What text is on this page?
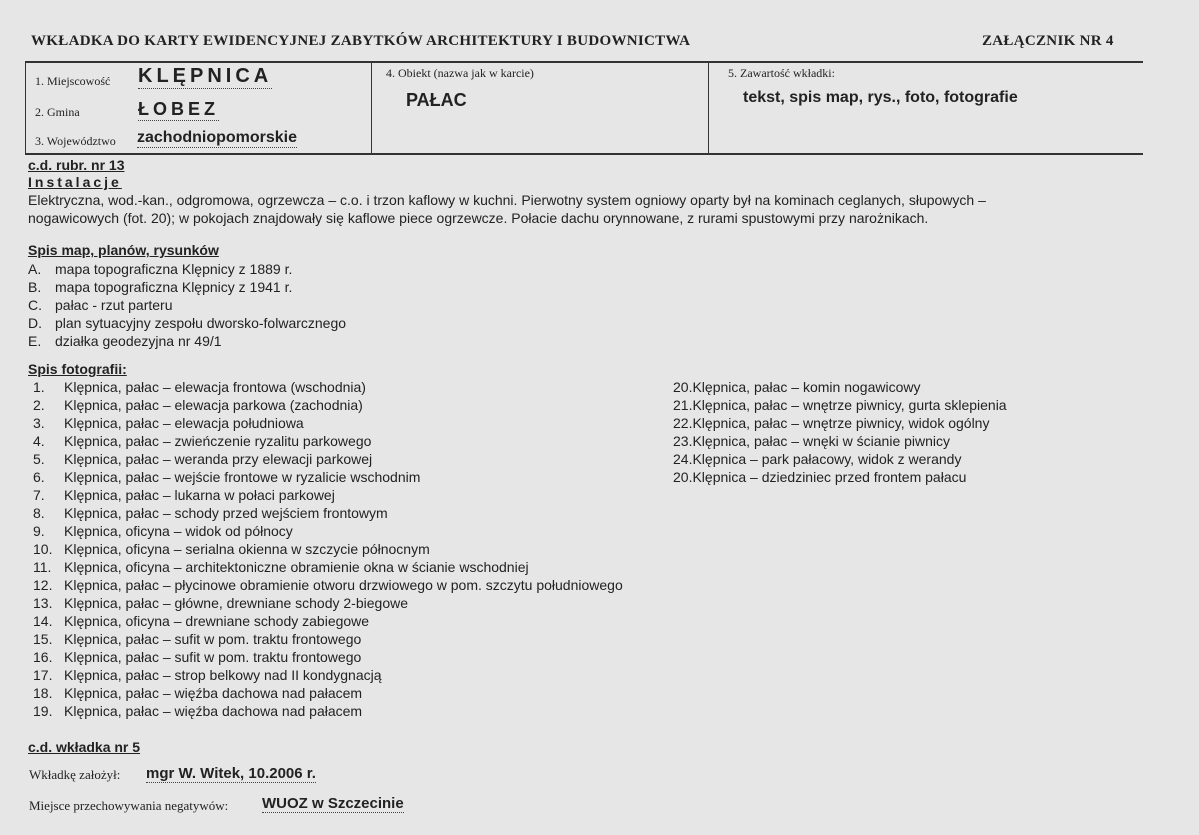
WKŁADKA DO KARTY EWIDENCYJNEJ ZABYTKÓW ARCHITEKTURY I BUDOWNICTWA	ZAŁĄCZNIK NR 4
1. Miejscowość KLĘPNICA
2. Gmina	ŁOBEZ
3. Województwo zachodniopomorskie
4. Obiekt (nazwa jak w karcie)
PAŁAC
5. Zawartość wkładki:
tekst, spis map, rys., foto, fotografie
c.d. rubr. nr 13
Instalacje
Elektryczna, wod.-kan., odgromowa, ogrzewcza – c.o. i trzon kaflowy w kuchni. Pierwotny system ogniowy oparty był na kominach ceglanych, słupowych –
nogawicowych (fot. 20); w pokojach znajdowały się kaflowe piece ogrzewcze. Połacie dachu orynnowane, z rurami spustowymi przy narożnikach.
Spis map, planów, rysunków
A. mapa topograficzna Klępnicy z 1889 r.
B. mapa topograficzna Klępnicy z 1941 r.
C. pałac - rzut parteru
D. plan sytuacyjny zespołu dworsko-folwarcznego
E. działka geodezyjna nr 49/1
Spis fotografii:
1. Klępnica, pałac – elewacja frontowa (wschodnia)
2. Klępnica, pałac – elewacja parkowa (zachodnia)
3. Klępnica, pałac – elewacja południowa
4. Klępnica, pałac – zwieńczenie ryzalitu parkowego
5. Klępnica, pałac – weranda przy elewacji parkowej
6. Klępnica, pałac – wejście frontowe w ryzalicie wschodnim
7. Klępnica, pałac – lukarna w połaci parkowej
8. Klępnica, pałac – schody przed wejściem frontowym
9. Klępnica, oficyna – widok od północy
10. Klępnica, oficyna – serialna okienna w szczycie północnym
11. Klępnica, oficyna – architektoniczne obramienie okna w ścianie wschodniej
12. Klępnica, pałac – płycinowe obramienie otworu drzwiowego w pom. szczytu południowego
13. Klępnica, pałac – główne, drewniane schody 2-biegowe
14. Klępnica, oficyna – drewniane schody zabiegowe
15. Klępnica, pałac – sufit w pom. traktu frontowego
16. Klępnica, pałac – sufit w pom. traktu frontowego
17. Klępnica, pałac – strop belkowy nad II kondygnacją
18. Klępnica, pałac – więźba dachowa nad pałacem
19. Klępnica, pałac – więźba dachowa nad pałacem
20.Klępnica, pałac – komin nogawicowy
21.Klępnica, pałac – wnętrze piwnicy, gurta sklepienia
22.Klępnica, pałac – wnętrze piwnicy, widok ogólny
23.Klępnica, pałac – wnęki w ścianie piwnicy
24.Klępnica – park pałacowy, widok z werandy
20.Klępnica – dziedziniec przed frontem pałacu
c.d. wkładka nr 5
Wkładkę założył: mgr W. Witek, 10.2006 r.
Miejsce przechowywania negatywów: WUOZ w Szczecinie
